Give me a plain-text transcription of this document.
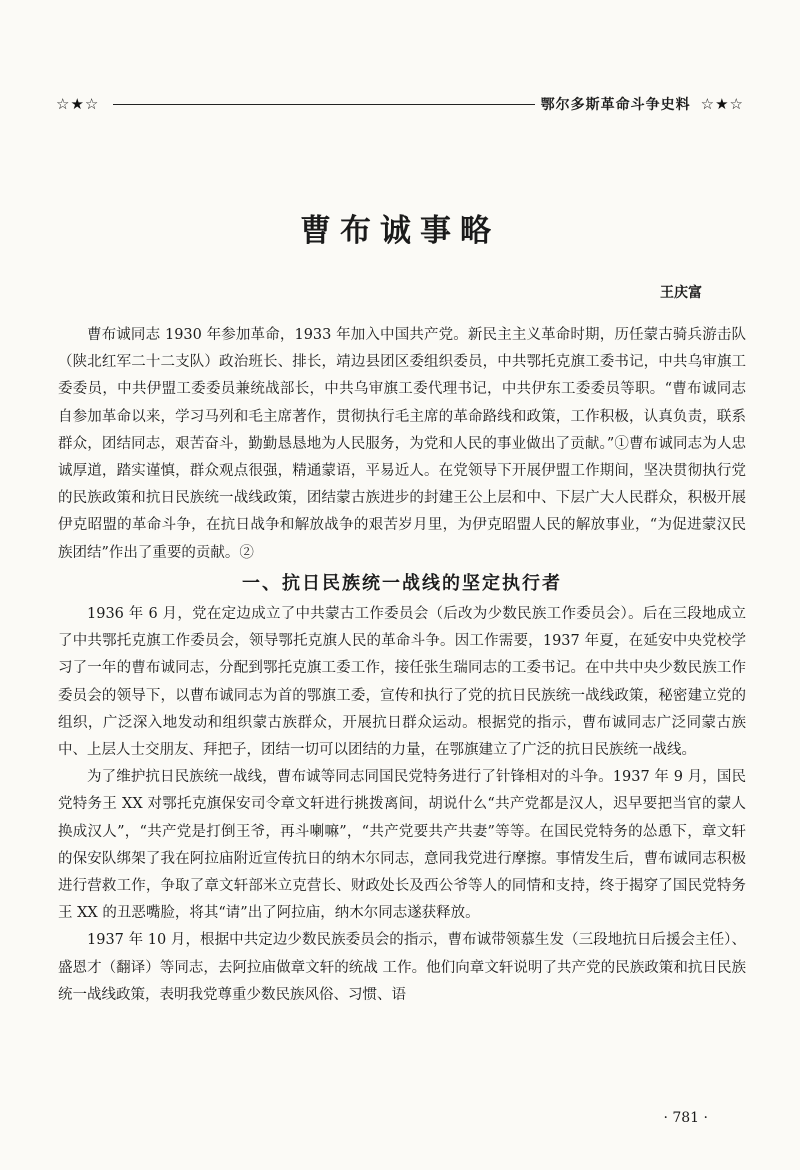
☆★☆	鄂尔多斯革命斗争史料 ☆★☆
曹布诚事略
王庆富

曹布诚同志 1930 年参加革命，1933 年加入中国共产党。新民主主义革命时期，历任蒙古骑兵游击队（陕北红军二十二支队）政治班长、排长，靖边县团区委组织委员，中共鄂托克旗工委书记，中共乌审旗工委委员，中共伊盟工委委员兼统战部长，中共乌审旗工委代理书记，中共伊东工委委员等职。“曹布诚同志自参加革命以来，学习马列和毛主席著作，贯彻执行毛主席的革命路线和政策，工作积极，认真负责，联系群众，团结同志，艰苦奋斗，勤勤恳恳地为人民服务，为党和人民的事业做出了贡献。”①曹布诚同志为人忠诚厚道，踏实谨慎，群众观点很强，精通蒙语，平易近人。在党领导下开展伊盟工作期间，坚决贯彻执行党的民族政策和抗日民族统一战线政策，团结蒙古族进步的封建王公上层和中、下层广大人民群众，积极开展伊克昭盟的革命斗争，在抗日战争和解放战争的艰苦岁月里，为伊克昭盟人民的解放事业，“为促进蒙汉民族团结”作出了重要的贡献。②

一、抗日民族统一战线的坚定执行者

1936 年 6 月，党在定边成立了中共蒙古工作委员会（后改为少数民族工作委员会）。后在三段地成立了中共鄂托克旗工作委员会，领导鄂托克旗人民的革命斗争。因工作需要，1937 年夏，在延安中央党校学习了一年的曹布诚同志，分配到鄂托克旗工委工作，接任张生瑞同志的工委书记。在中共中央少数民族工作委员会的领导下，以曹布诚同志为首的鄂旗工委，宣传和执行了党的抗日民族统一战线政策，秘密建立党的组织，广泛深入地发动和组织蒙古族群众，开展抗日群众运动。根据党的指示，曹布诚同志广泛同蒙古族中、上层人士交朋友、拜把子，团结一切可以团结的力量，在鄂旗建立了广泛的抗日民族统一战线。

为了维护抗日民族统一战线，曹布诚等同志同国民党特务进行了针锋相对的斗争。1937 年 9 月，国民党特务王 XX 对鄂托克旗保安司令章文轩进行挑拨离间，胡说什么“共产党都是汉人，迟早要把当官的蒙人换成汉人”，“共产党是打倒王爷，再斗喇嘛”，“共产党要共产共妻”等等。在国民党特务的怂恿下，章文轩的保安队绑架了我在阿拉庙附近宣传抗日的纳木尔同志，意同我党进行摩擦。事情发生后，曹布诚同志积极进行营救工作，争取了章文轩部米立克营长、财政处长及西公爷等人的同情和支持，终于揭穿了国民党特务王 XX 的丑恶嘴脸，将其“请”出了阿拉庙，纳木尔同志遂获释放。

1937 年 10 月，根据中共定边少数民族委员会的指示，曹布诚带领慕生发（三段地抗日后援会主任）、盛恩才（翻译）等同志，去阿拉庙做章文轩的统战 工作。他们向章文轩说明了共产党的民族政策和抗日民族统一战线政策，表明我党尊重少数民族风俗、习惯、语

· 781 ·
